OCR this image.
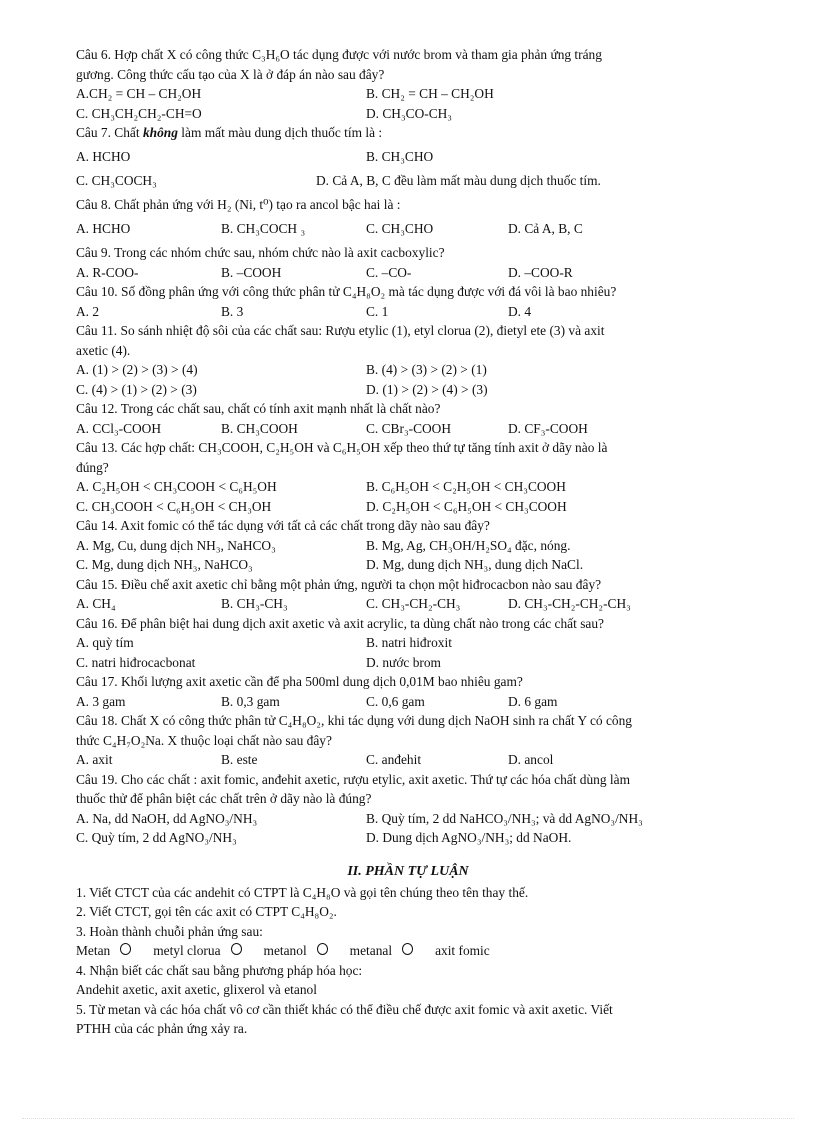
Câu 6. Hợp chất X có công thức C₃H₆O tác dụng được với nước brom và tham gia phản ứng tráng
gương. Công thức cấu tạo của X là ở đáp án nào sau đây?
A.CH₂ = CH – CH₂OH	B. CH₂ = CH – CH₂OH
C. CH₃CH₂CH₂-CH=O	D. CH₃CO-CH₃
Câu 7. Chất không làm mất màu dung dịch thuốc tím là :
A. HCHO	B. CH₃CHO
C. CH₃COCH₃	D. Cả A, B, C đều làm mất màu dung dịch thuốc tím.
Câu 8. Chất phản ứng với H₂ (Ni, t⁰) tạo ra ancol bậc hai là :
A. HCHO	B. CH₃COCH ₃	C. CH₃CHO	D. Cả A, B, C
Câu 9. Trong các nhóm chức sau, nhóm chức nào là axit cacboxylic?
A. R-COO-	B. –COOH	C. –CO-	D. –COO-R
Câu 10. Số đồng phân ứng với công thức phân tử C₄H₈O₂ mà tác dụng được với đá vôi là bao nhiêu?
A. 2	B. 3	C. 1	D. 4
Câu 11. So sánh nhiệt độ sôi của các chất sau: Rượu etylic (1), etyl clorua (2), đietyl ete (3) và axit
axetic (4).
A. (1) > (2) > (3) > (4)	B. (4) > (3) > (2) > (1)
C. (4) > (1) > (2) > (3)	D. (1) > (2) > (4) > (3)
Câu 12. Trong các chất sau, chất có tính axit mạnh nhất là chất nào?
A. CCl₃-COOH	B. CH₃COOH	C. CBr₃-COOH	D. CF₃-COOH
Câu 13. Các hợp chất: CH₃COOH, C₂H₅OH và C₆H₅OH xếp theo thứ tự tăng tính axit ở dãy nào là
đúng?
A. C₂H₅OH < CH₃COOH < C₆H₅OH	B. C₆H₅OH < C₂H₅OH < CH₃COOH
C. CH₃COOH < C₆H₅OH < CH₃OH	D. C₂H₅OH < C₆H₅OH < CH₃COOH
Câu 14. Axit fomic có thể tác dụng với tất cả các chất trong dãy nào sau đây?
A. Mg, Cu, dung dịch NH₃, NaHCO₃	B. Mg, Ag, CH₃OH/H₂SO₄ đặc, nóng.
C. Mg, dung dịch NH₃, NaHCO₃	D. Mg, dung dịch NH₃, dung dịch NaCl.
Câu 15. Điều chế axit axetic chỉ bằng một phản ứng, người ta chọn một hiđrocacbon nào sau đây?
A. CH₄	B. CH₃-CH₃	C. CH₃-CH₂-CH₃	D. CH₃-CH₂-CH₂-CH₃
Câu 16. Để phân biệt hai dung dịch axit axetic và axit acrylic, ta dùng chất nào trong các chất sau?
A. quỳ tím	B. natri hiđroxit
C. natri hiđrocacbonat	D. nước brom
Câu 17. Khối lượng axit axetic cần để pha 500ml dung dịch 0,01M bao nhiêu gam?
A. 3 gam	B. 0,3 gam	C. 0,6 gam	D. 6 gam
Câu 18. Chất X có công thức phân tử C₄H₈O₂, khi tác dụng với dung dịch NaOH sinh ra chất Y có công
thức C₄H₇O₂Na. X thuộc loại chất nào sau đây?
A. axit	B. este	C. anđehit	D. ancol
Câu 19. Cho các chất : axit fomic, anđehit axetic, rượu etylic, axit axetic. Thứ tự các hóa chất dùng làm
thuốc thử để phân biệt các chất trên ở dãy nào là đúng?
A. Na, dd NaOH, dd AgNO₃/NH₃	B. Quỳ tím, 2 dd NaHCO₃/NH₃; và dd AgNO₃/NH₃
C. Quỳ tím, 2 dd AgNO₃/NH₃	D. Dung dịch AgNO₃/NH₃; dd NaOH.
II. PHẦN TỰ LUẬN
1. Viết CTCT của các andehit có CTPT là C₄H₈O và gọi tên chúng theo tên thay thế.
2. Viết CTCT, gọi tên các axit có CTPT C₄H₈O₂.
3. Hoàn thành chuỗi phản ứng sau:
Metan	metyl clorua	metanol	metanal	axit fomic
4. Nhận biết các chất sau bằng phương pháp hóa học:
Andehit axetic, axit axetic, glixerol và etanol
5. Từ metan và các hóa chất vô cơ cần thiết khác có thể điều chế được axit fomic và axit axetic. Viết
PTHH của các phản ứng xảy ra.
